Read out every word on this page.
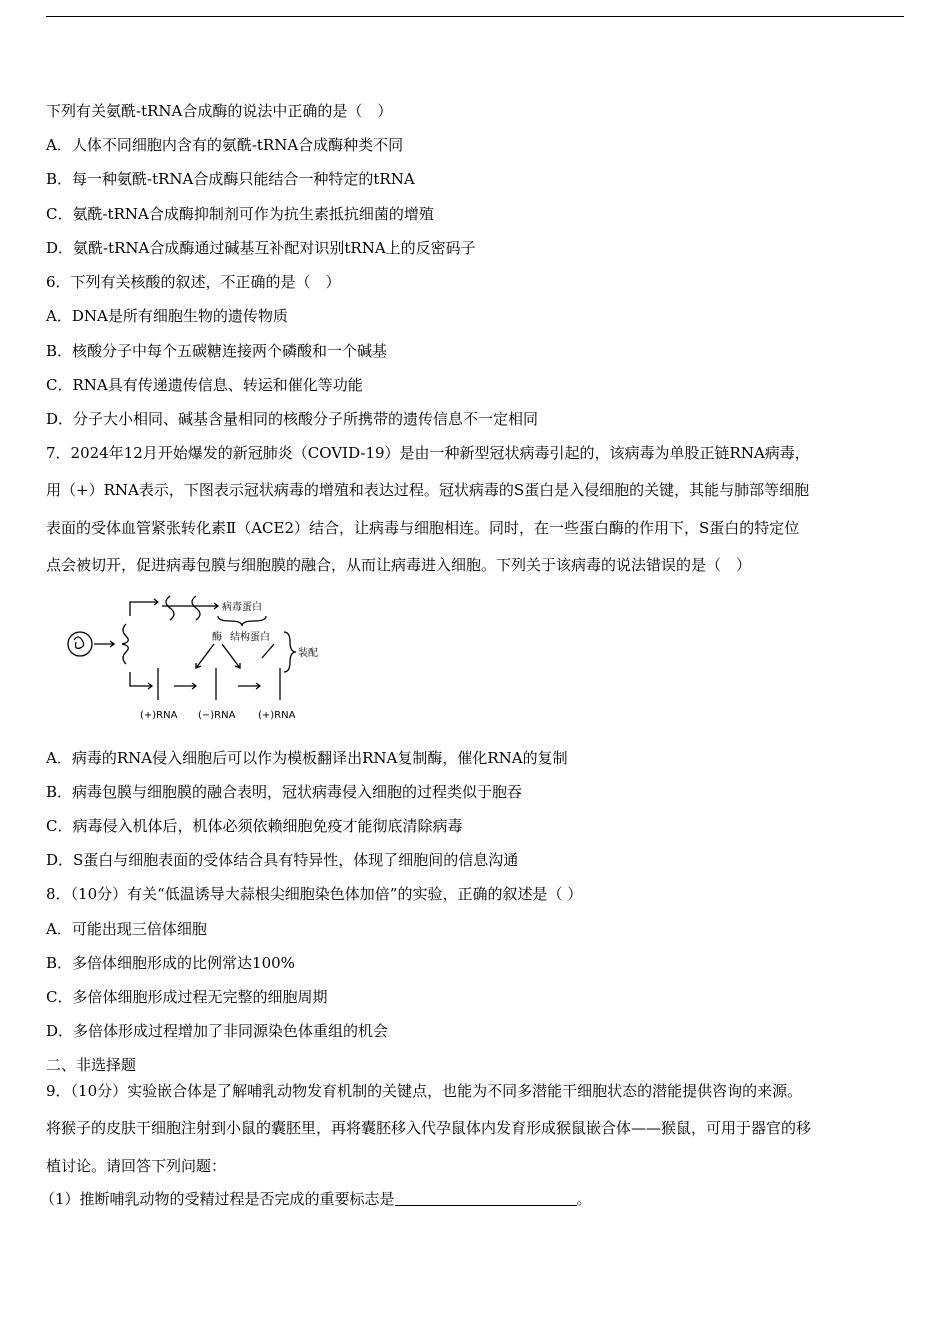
下列有关氨酰-tRNA合成酶的说法中正确的是（　）
A．人体不同细胞内含有的氨酰-tRNA合成酶种类不同
B．每一种氨酰-tRNA合成酶只能结合一种特定的tRNA
C．氨酰-tRNA合成酶抑制剂可作为抗生素抵抗细菌的增殖
D．氨酰-tRNA合成酶通过碱基互补配对识别tRNA上的反密码子
6．下列有关核酸的叙述，不正确的是（　）
A．DNA是所有细胞生物的遗传物质
B．核酸分子中每个五碳糖连接两个磷酸和一个碱基
C．RNA具有传递遗传信息、转运和催化等功能
D．分子大小相同、碱基含量相同的核酸分子所携带的遗传信息不一定相同
7．2024年12月开始爆发的新冠肺炎（COVID-19）是由一种新型冠状病毒引起的，该病毒为单股正链RNA病毒，
用（+）RNA表示，下图表示冠状病毒的增殖和表达过程。冠状病毒的S蛋白是入侵细胞的关键，其能与肺部等细胞
表面的受体血管紧张转化素Ⅱ（ACE2）结合，让病毒与细胞相连。同时，在一些蛋白酶的作用下，S蛋白的特定位
点会被切开，促进病毒包膜与细胞膜的融合，从而让病毒进入细胞。下列关于该病毒的说法错误的是（　）
病毒蛋白
酶 结构蛋白
装配
(+)RNA (−)RNA (+)RNA
A．病毒的RNA侵入细胞后可以作为模板翻译出RNA复制酶，催化RNA的复制
B．病毒包膜与细胞膜的融合表明，冠状病毒侵入细胞的过程类似于胞吞
C．病毒侵入机体后，机体必须依赖细胞免疫才能彻底清除病毒
D．S蛋白与细胞表面的受体结合具有特异性，体现了细胞间的信息沟通
8．（10分）有关“低温诱导大蒜根尖细胞染色体加倍”的实验，正确的叙述是（ ）
A．可能出现三倍体细胞
B．多倍体细胞形成的比例常达100%
C．多倍体细胞形成过程无完整的细胞周期
D．多倍体形成过程增加了非同源染色体重组的机会
二、非选择题
9．（10分）实验嵌合体是了解哺乳动物发育机制的关键点，也能为不同多潜能干细胞状态的潜能提供咨询的来源。
将猴子的皮肤干细胞注射到小鼠的囊胚里，再将囊胚移入代孕鼠体内发育形成猴鼠嵌合体——猴鼠，可用于器官的移
植讨论。请回答下列问题：
（1）推断哺乳动物的受精过程是否完成的重要标志是	。
